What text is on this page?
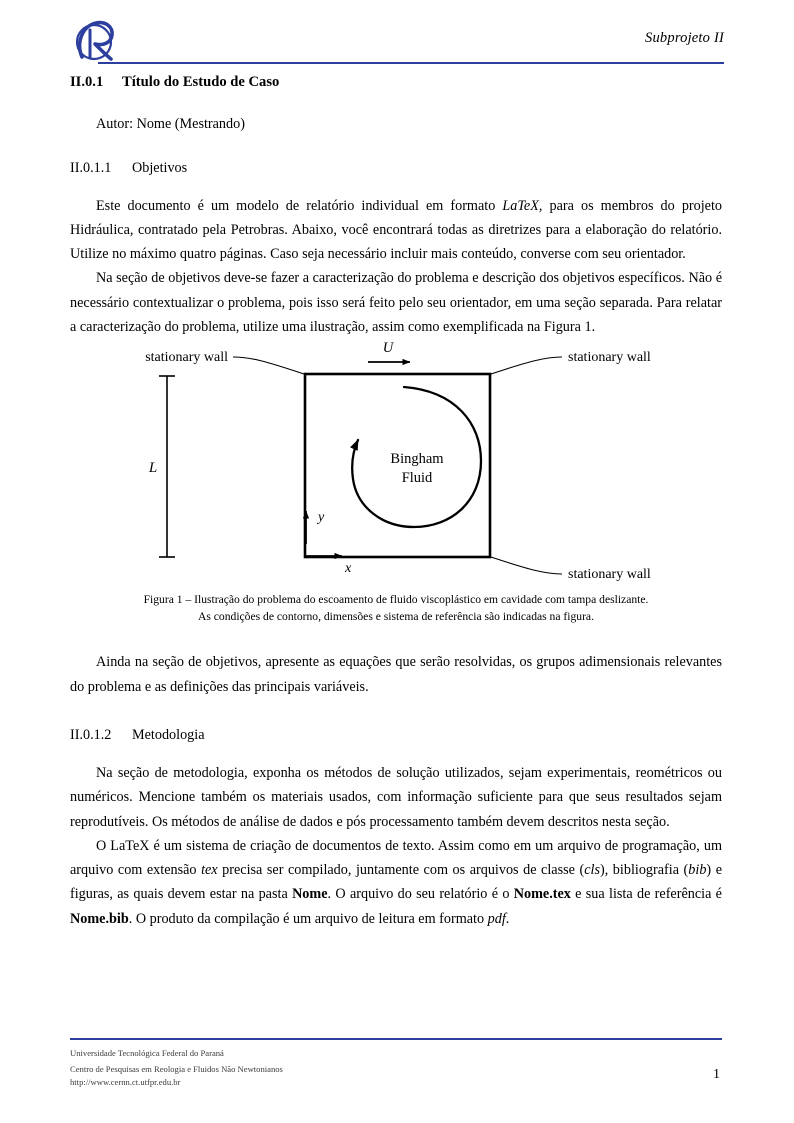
Subprojeto II
II.0.1 Título do Estudo de Caso
Autor: Nome (Mestrando)
II.0.1.1 Objetivos

Este documento é um modelo de relatório individual em formato LaTeX, para os membros do projeto Hidráulica, contratado pela Petrobras. Abaixo, você encontrará todas as diretrizes para a elaboração do relatório. Utilize no máximo quatro páginas. Caso seja necessário incluir mais conteúdo, converse com seu orientador.

Na seção de objetivos deve-se fazer a caracterização do problema e descrição dos objetivos específicos. Não é necessário contextualizar o problema, pois isso será feito pelo seu orientador, em uma seção separada. Para relatar a caracterização do problema, utilize uma ilustração, assim como exemplificada na Figura 1.

U
stationary wall	stationary wall
stationary wall
L
y
x
Bingham
Fluid

Figura 1 – Ilustração do problema do escoamento de fluido viscoplástico em cavidade com tampa deslizante.
As condições de contorno, dimensões e sistema de referência são indicadas na figura.

Ainda na seção de objetivos, apresente as equações que serão resolvidas, os grupos adimensionais relevantes do problema e as definições das principais variáveis.

II.0.1.2 Metodologia

Na seção de metodologia, exponha os métodos de solução utilizados, sejam experimentais, reométricos ou numéricos. Mencione também os materiais usados, com informação suficiente para que seus resultados sejam reprodutíveis. Os métodos de análise de dados e pós processamento também devem descritos nesta seção.

O LaTeX é um sistema de criação de documentos de texto. Assim como em um arquivo de programação, um arquivo com extensão tex precisa ser compilado, juntamente com os arquivos de classe (cls), bibliografia (bib) e figuras, as quais devem estar na pasta Nome. O arquivo do seu relatório é o Nome.tex e sua lista de referência é Nome.bib. O produto da compilação é um arquivo de leitura em formato pdf.

Universidade Tecnológica Federal do Paraná
Centro de Pesquisas em Reologia e Fluidos Não Newtonianos
http://www.cernn.ct.utfpr.edu.br
1
